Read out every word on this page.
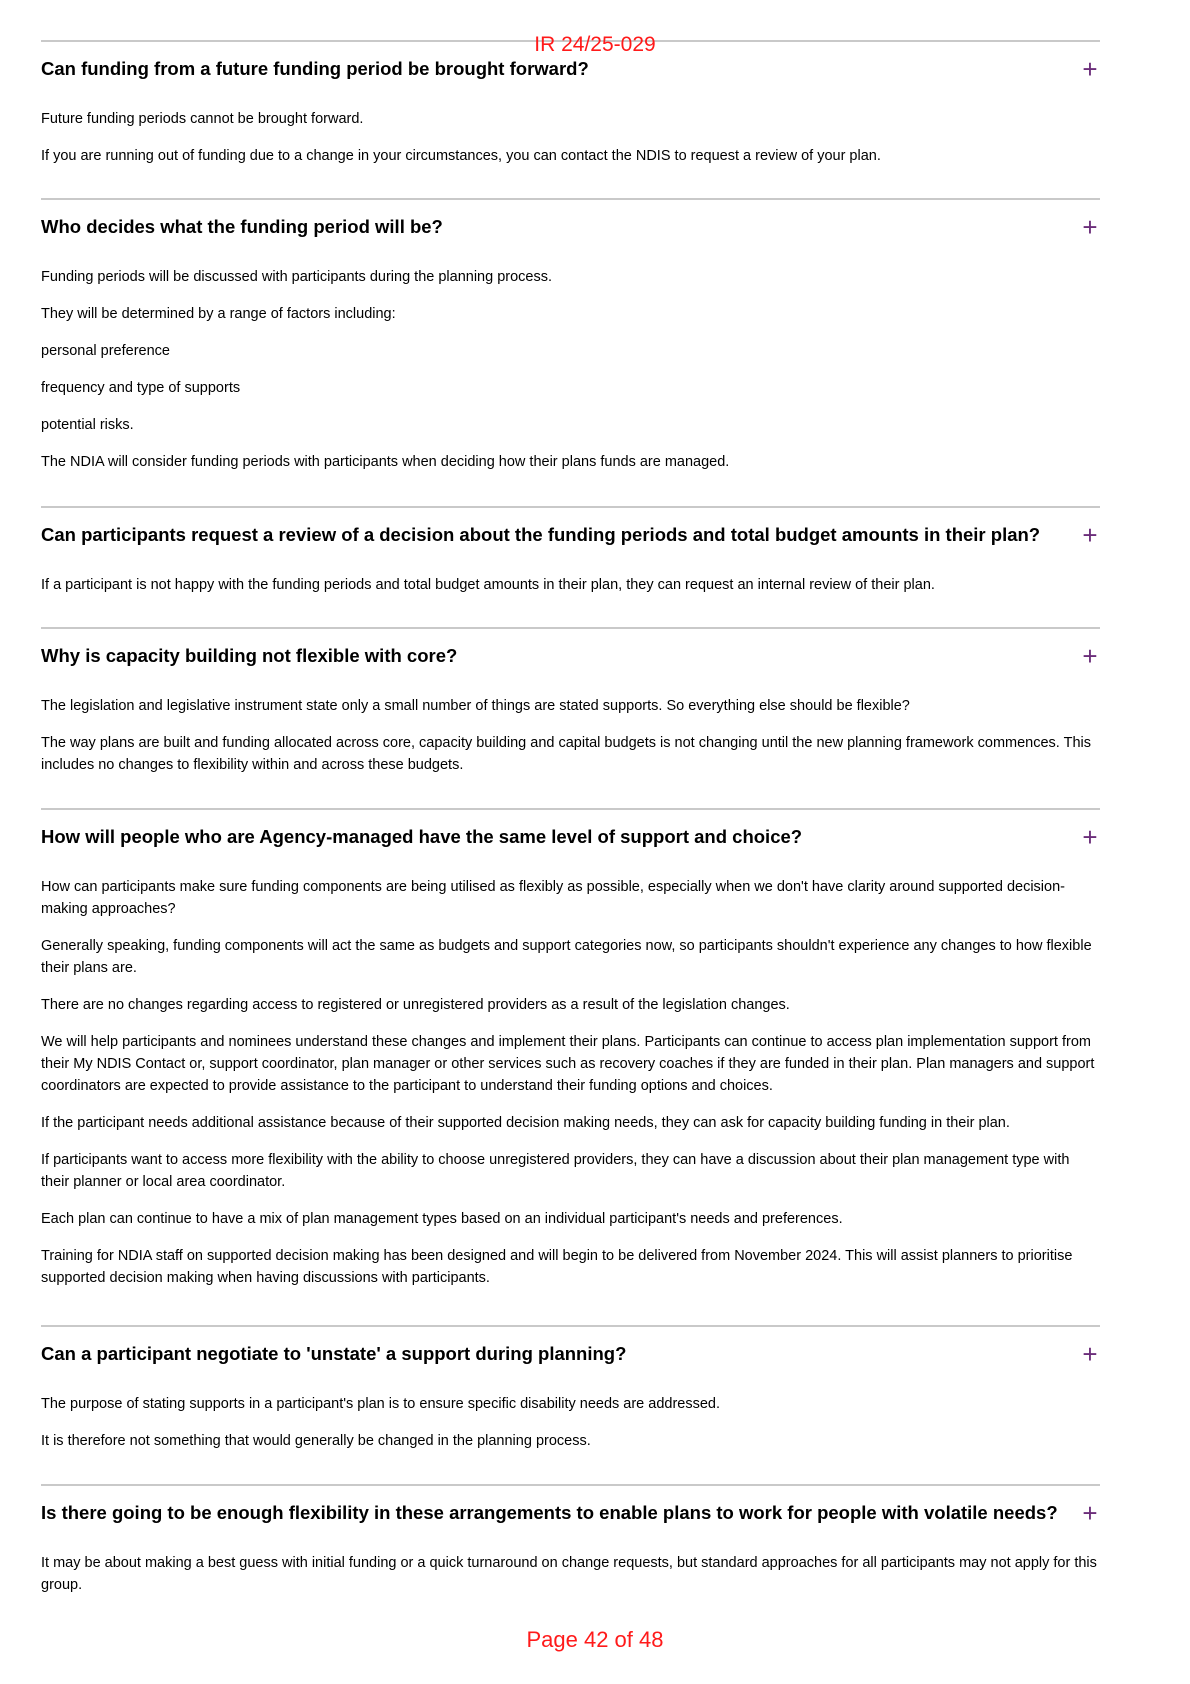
IR 24/25-029
Can funding from a future funding period be brought forward?	+

Future funding periods cannot be brought forward.

If you are running out of funding due to a change in your circumstances, you can contact the NDIS to request a review of your plan.

Who decides what the funding period will be?	+

Funding periods will be discussed with participants during the planning process.

They will be determined by a range of factors including:

personal preference

frequency and type of supports

potential risks.

The NDIA will consider funding periods with participants when deciding how their plans funds are managed.

Can participants request a review of a decision about the funding periods and total budget amounts in their plan?	+

If a participant is not happy with the funding periods and total budget amounts in their plan, they can request an internal review of their plan.

Why is capacity building not flexible with core?	+

The legislation and legislative instrument state only a small number of things are stated supports. So everything else should be flexible?

The way plans are built and funding allocated across core, capacity building and capital budgets is not changing until the new planning framework commences. This includes no changes to flexibility within and across these budgets.

How will people who are Agency-managed have the same level of support and choice?	+

How can participants make sure funding components are being utilised as flexibly as possible, especially when we don't have clarity around supported decision-making approaches?

Generally speaking, funding components will act the same as budgets and support categories now, so participants shouldn't experience any changes to how flexible their plans are.

There are no changes regarding access to registered or unregistered providers as a result of the legislation changes.

We will help participants and nominees understand these changes and implement their plans. Participants can continue to access plan implementation support from their My NDIS Contact or, support coordinator, plan manager or other services such as recovery coaches if they are funded in their plan. Plan managers and support coordinators are expected to provide assistance to the participant to understand their funding options and choices.

If the participant needs additional assistance because of their supported decision making needs, they can ask for capacity building funding in their plan.

If participants want to access more flexibility with the ability to choose unregistered providers, they can have a discussion about their plan management type with their planner or local area coordinator.

Each plan can continue to have a mix of plan management types based on an individual participant's needs and preferences.

Training for NDIA staff on supported decision making has been designed and will begin to be delivered from November 2024. This will assist planners to prioritise supported decision making when having discussions with participants.

Can a participant negotiate to 'unstate' a support during planning?	+

The purpose of stating supports in a participant's plan is to ensure specific disability needs are addressed.

It is therefore not something that would generally be changed in the planning process.

Is there going to be enough flexibility in these arrangements to enable plans to work for people with volatile needs? +

It may be about making a best guess with initial funding or a quick turnaround on change requests, but standard approaches for all participants may not apply for this group.

Page 42 of 48
